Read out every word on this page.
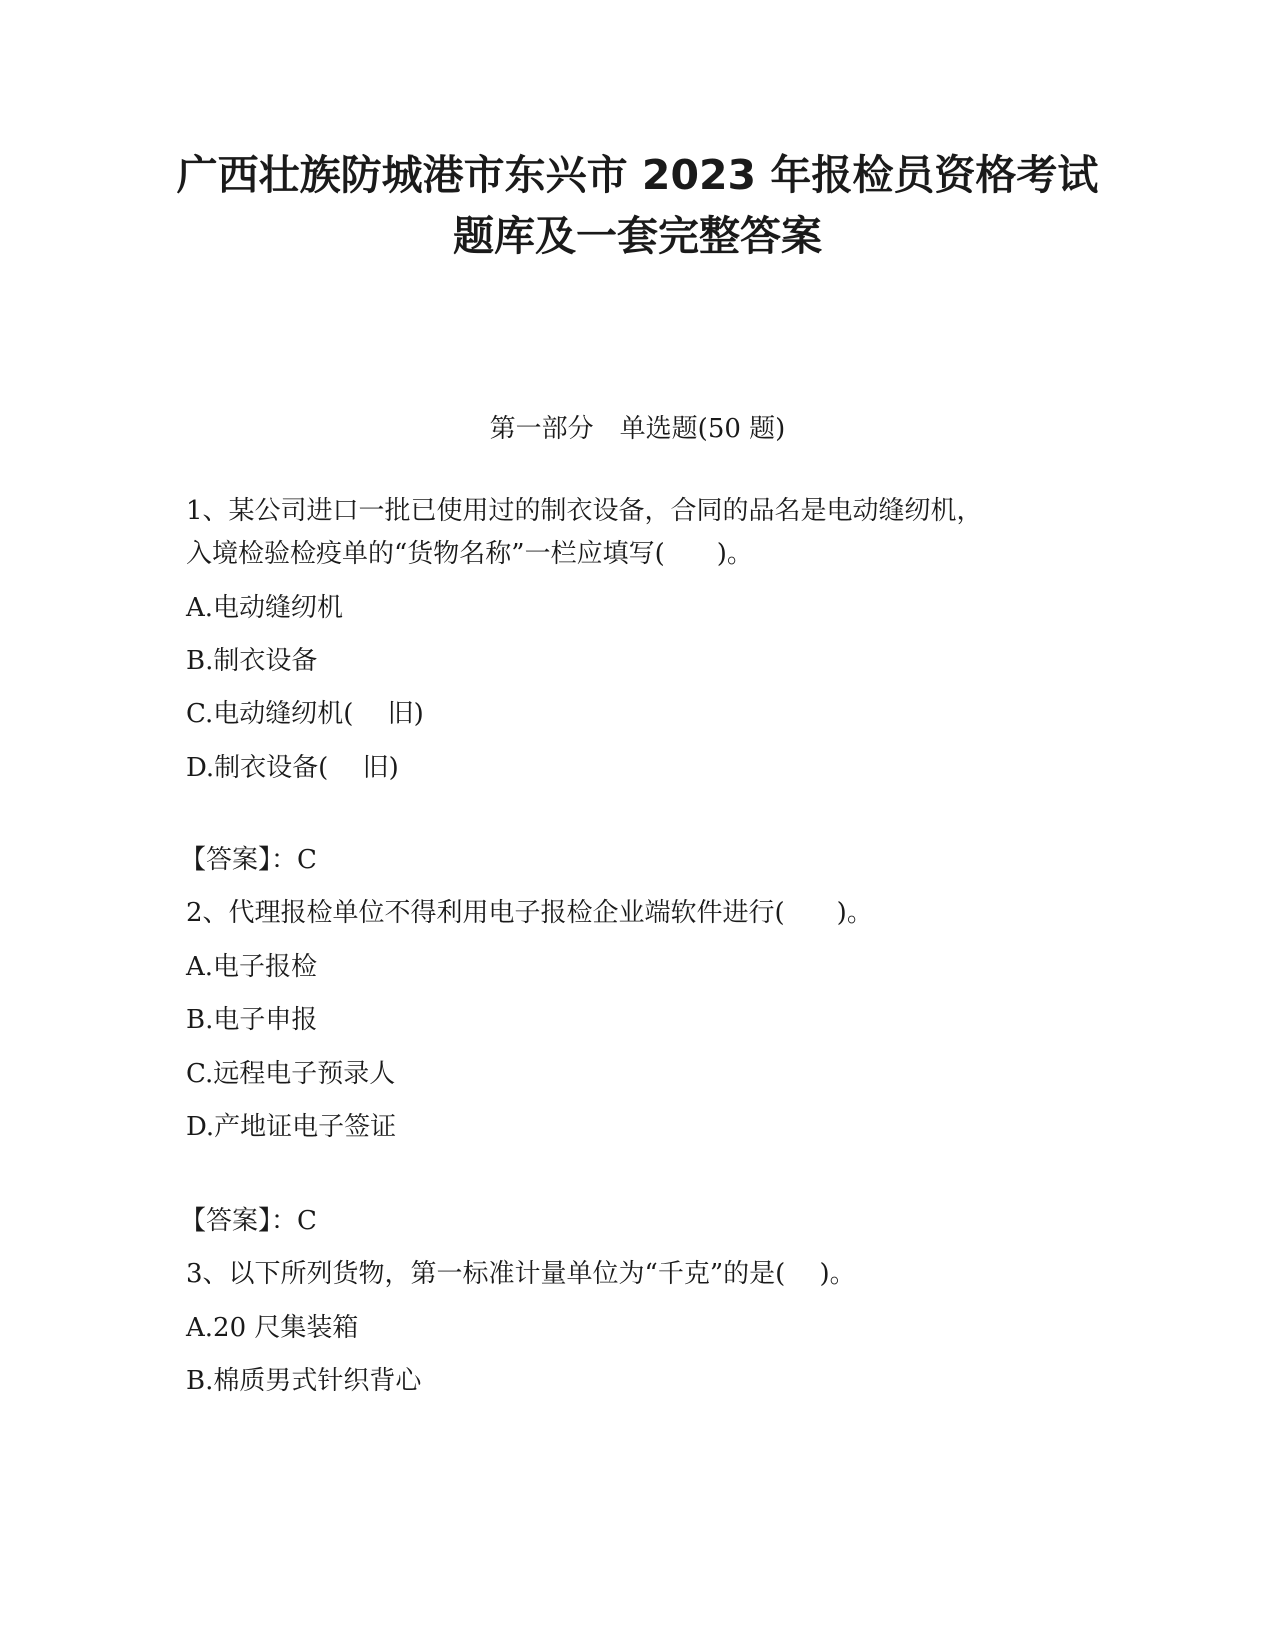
广西壮族防城港市东兴市 2023 年报检员资格考试
题库及一套完整答案
第一部分　单选题(50 题)
1、某公司进口一批已使用过的制衣设备，合同的品名是电动缝纫机，
入境检验检疫单的“货物名称”一栏应填写(　　)。
A.电动缝纫机
B.制衣设备
C.电动缝纫机(　 旧)
D.制衣设备(　 旧)
【答案】：C
2、代理报检单位不得利用电子报检企业端软件进行(　　)。
A.电子报检
B.电子申报
C.远程电子预录人
D.产地证电子签证
【答案】：C
3、以下所列货物，第一标准计量单位为“千克”的是(　 )。
A.20 尺集装箱
B.棉质男式针织背心
